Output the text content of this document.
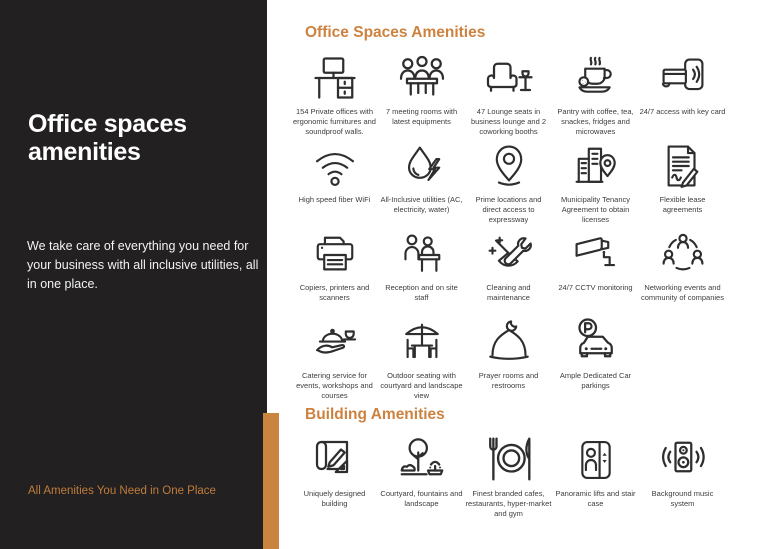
Office spaces amenities
We take care of everything you need for your business with all inclusive utilities, all in one place.
All Amenities You Need in One Place
Office Spaces Amenities
154 Private offices with ergonomic furnitures and soundproof walls.
7 meeting rooms with latest equipments
47 Lounge seats in business lounge and 2 coworking booths
Pantry with coffee, tea, snackes, fridges and microwaves
24/7 access with key card
High speed fiber WiFi	All-Inclusive utilities (AC, electricity, water)
Prime locations and direct access to expressway
Municipality Tenancy Agreement to obtain licenses
Flexible lease agreements
Copiers, printers and scanners
Reception and on site staff
Cleaning and maintenance
24/7 CCTV monitoring	Networking events and community of companies
Catering service for events, workshops and courses
Outdoor seating with courtyard and landscape view
Prayer rooms and restrooms
Ample Dedicated Car parkings
Building Amenities
Uniquely designed building
Courtyard, fountains and landscape
Finest branded cafes, restaurants, hyper-market and gym
Panoramic lifts and stair case
Background music system
